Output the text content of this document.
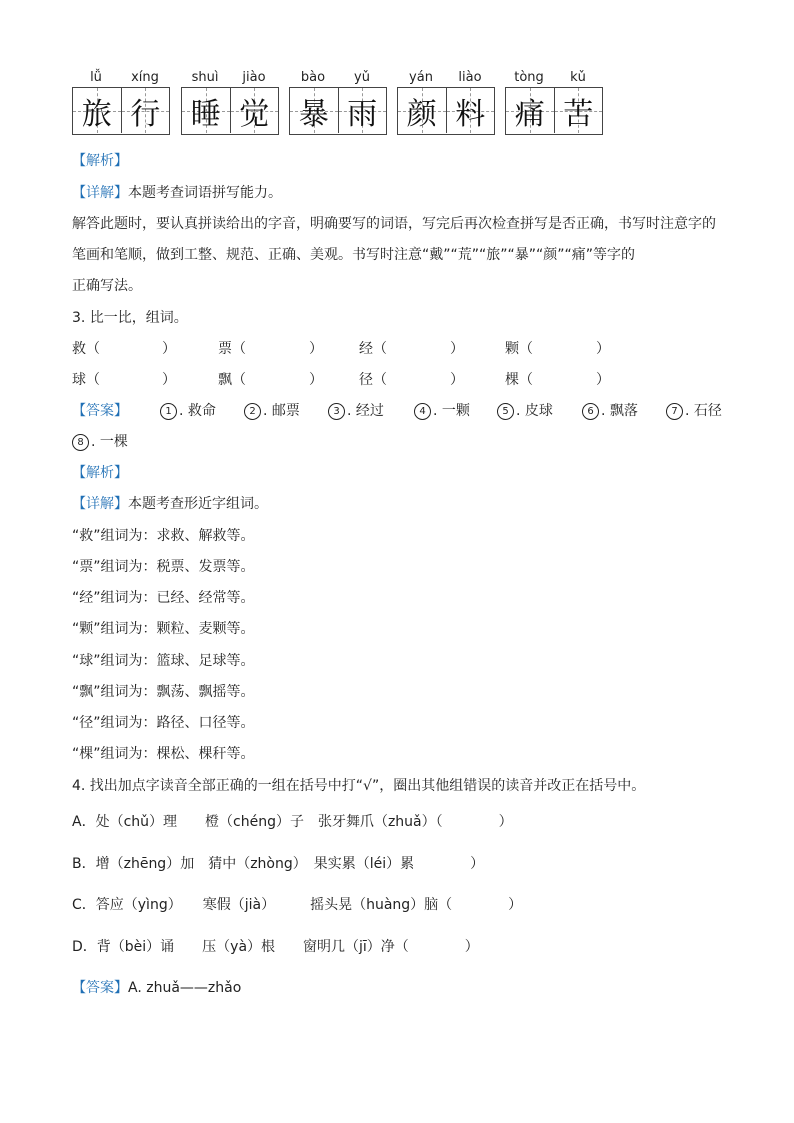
lǚ	xíng
旅 行
shuì	jiào
睡 觉
bào	yǔ
暴 雨
yán	liào
颜 料
tòng	kǔ
痛 苦
【解析】
【详解】本题考查词语拼写能力。
解答此题时，要认真拼读给出的字音，明确要写的词语，写完后再次检查拼写是否正确，书写时注意字的
笔画和笔顺，做到工整、规范、正确、美观。书写时注意“戴”“荒”“旅”“暴”“颜”“痛”等字的
正确写法。
3. 比一比，组词。
救（	）	票（	）	经（	）	颗（	）
球（	）	飘（	）	径（	）	棵（	）
【答案】	1 . 救命	2 . 邮票	3 . 经过	4 . 一颗	5 . 皮球	6 . 飘落	7 . 石径
8 . 一棵
【解析】
【详解】本题考查形近字组词。
“救”组词为：求救、解救等。
“票”组词为：税票、发票等。
“经”组词为：已经、经常等。
“颗”组词为：颗粒、麦颗等。
“球”组词为：篮球、足球等。
“飘”组词为：飘荡、飘摇等。
“径”组词为：路径、口径等。
“棵”组词为：棵松、棵秆等。
4. 找出加点字读音全部正确的一组在括号中打“√”，圈出其他组错误的读音并改正在括号中。
A．处（chǔ）理　　橙（chéng）子　张牙舞爪（zhuǎ）（　　　　）
B．增（zhēng）加　猜中（zhòng）　果实累（léi）累　　　　）
C．答应（yìng）　　寒假（jià）　　　摇头晃（huàng）脑（　　　　）
D．背（bèi）诵　　压（yà）根　　窗明几（jī）净（　　　　）
【答案】A. zhuǎ——zhǎo
